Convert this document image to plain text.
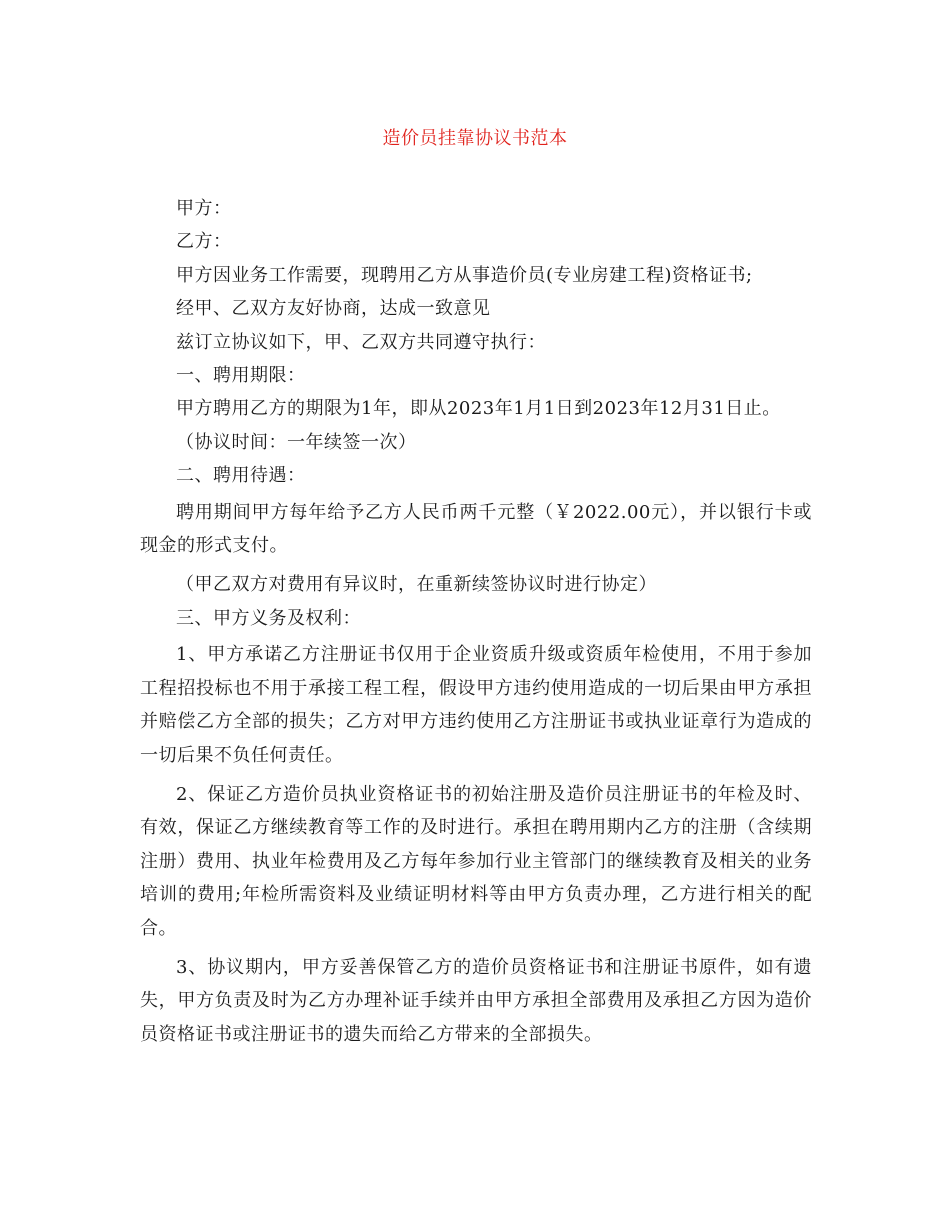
造价员挂靠协议书范本

甲方：

乙方：

甲方因业务工作需要，现聘用乙方从事造价员(专业房建工程)资格证书;

经甲、乙双方友好协商，达成一致意见

兹订立协议如下，甲、乙双方共同遵守执行：

一、聘用期限：

甲方聘用乙方的期限为1年，即从2023年1月1日到2023年12月31日止。

（协议时间：一年续签一次）

二、聘用待遇：

聘用期间甲方每年给予乙方人民币两千元整（￥2022.00元），并以银行卡或现金的形式支付。

（甲乙双方对费用有异议时，在重新续签协议时进行协定）

三、甲方义务及权利：

1、甲方承诺乙方注册证书仅用于企业资质升级或资质年检使用，不用于参加工程招投标也不用于承接工程工程，假设甲方违约使用造成的一切后果由甲方承担并赔偿乙方全部的损失；乙方对甲方违约使用乙方注册证书或执业证章行为造成的一切后果不负任何责任。

2、保证乙方造价员执业资格证书的初始注册及造价员注册证书的年检及时、有效，保证乙方继续教育等工作的及时进行。承担在聘用期内乙方的注册（含续期注册）费用、执业年检费用及乙方每年参加行业主管部门的继续教育及相关的业务培训的费用;年检所需资料及业绩证明材料等由甲方负责办理，乙方进行相关的配合。

3、协议期内，甲方妥善保管乙方的造价员资格证书和注册证书原件，如有遗失，甲方负责及时为乙方办理补证手续并由甲方承担全部费用及承担乙方因为造价员资格证书或注册证书的遗失而给乙方带来的全部损失。
